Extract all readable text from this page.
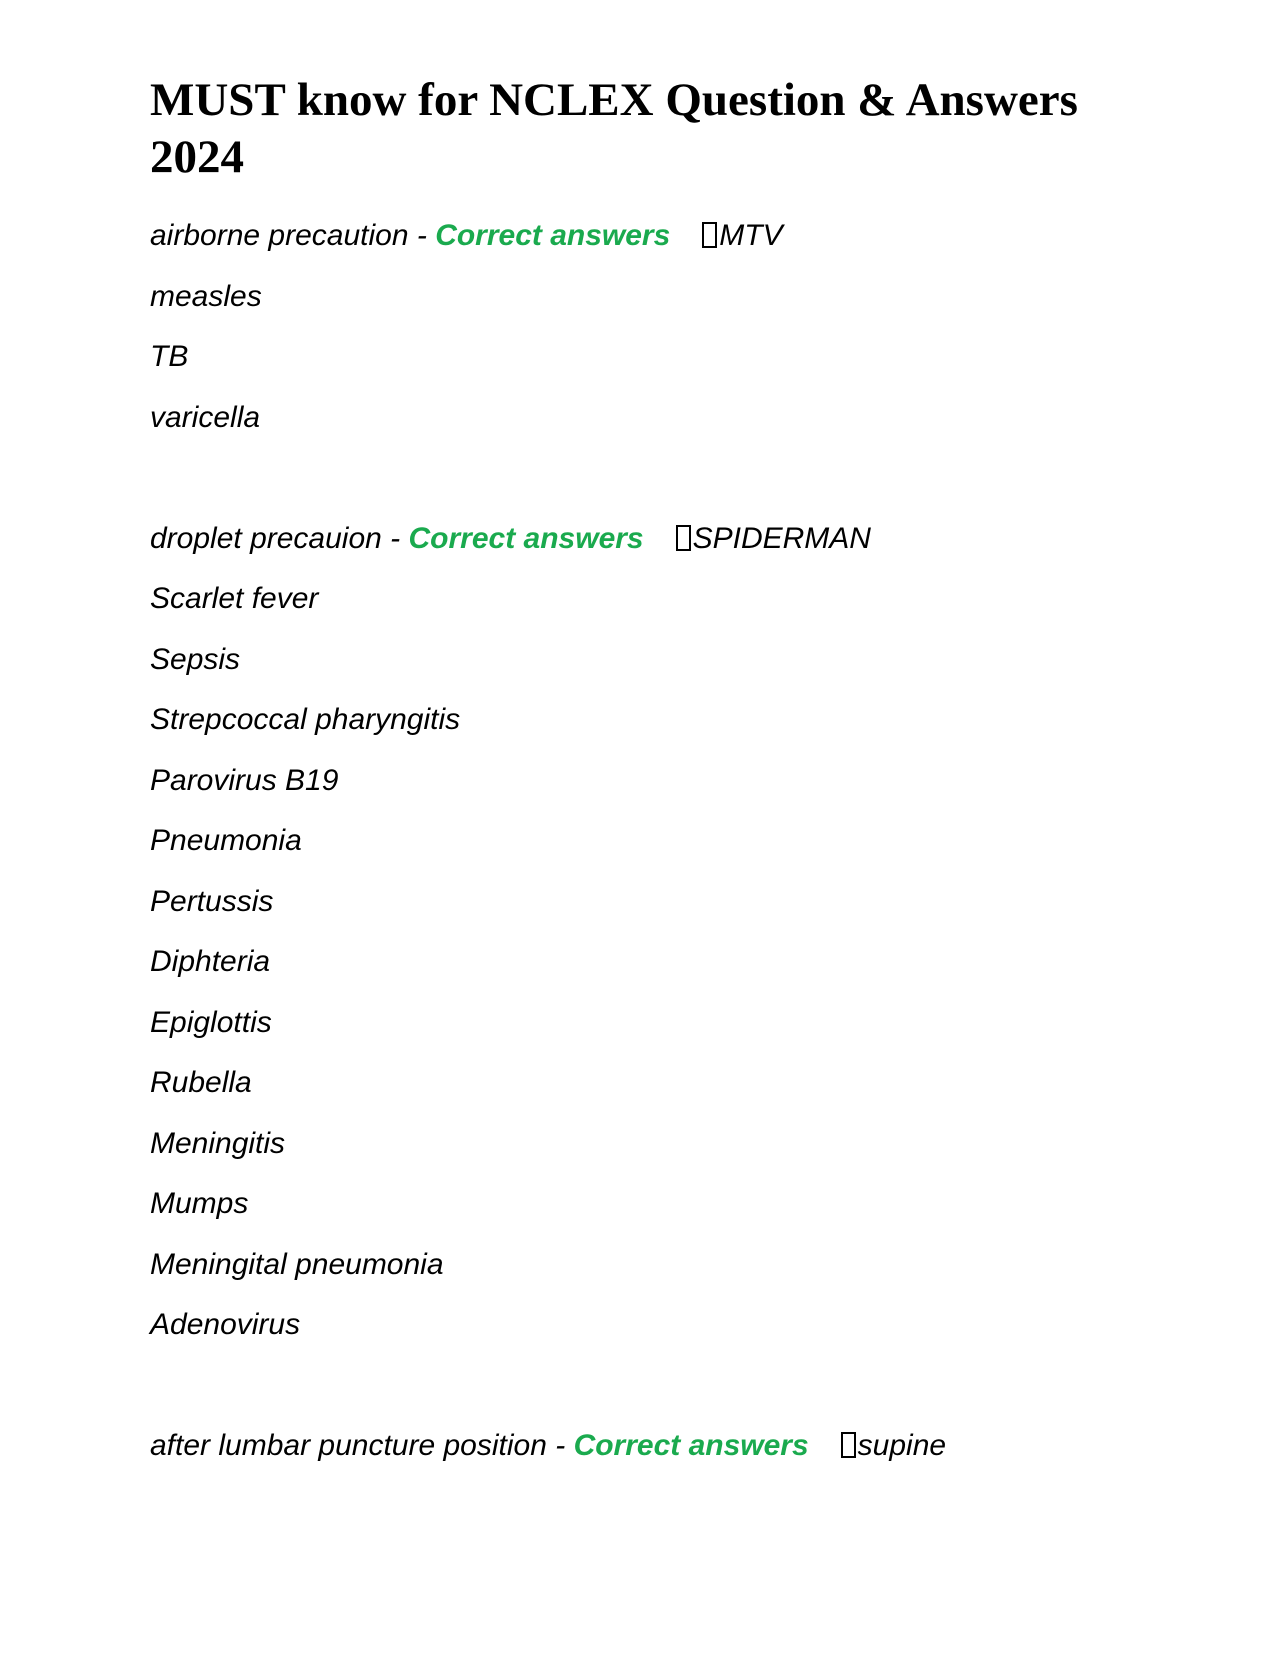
MUST know for NCLEX Question & Answers 2024
airborne precaution - Correct answers MTV
measles
TB
varicella
droplet precauion - Correct answers SPIDERMAN
Scarlet fever
Sepsis
Strepcoccal pharyngitis
Parovirus B19
Pneumonia
Pertussis
Diphteria
Epiglottis
Rubella
Meningitis
Mumps
Meningital pneumonia
Adenovirus
after lumbar puncture position - Correct answers supine
